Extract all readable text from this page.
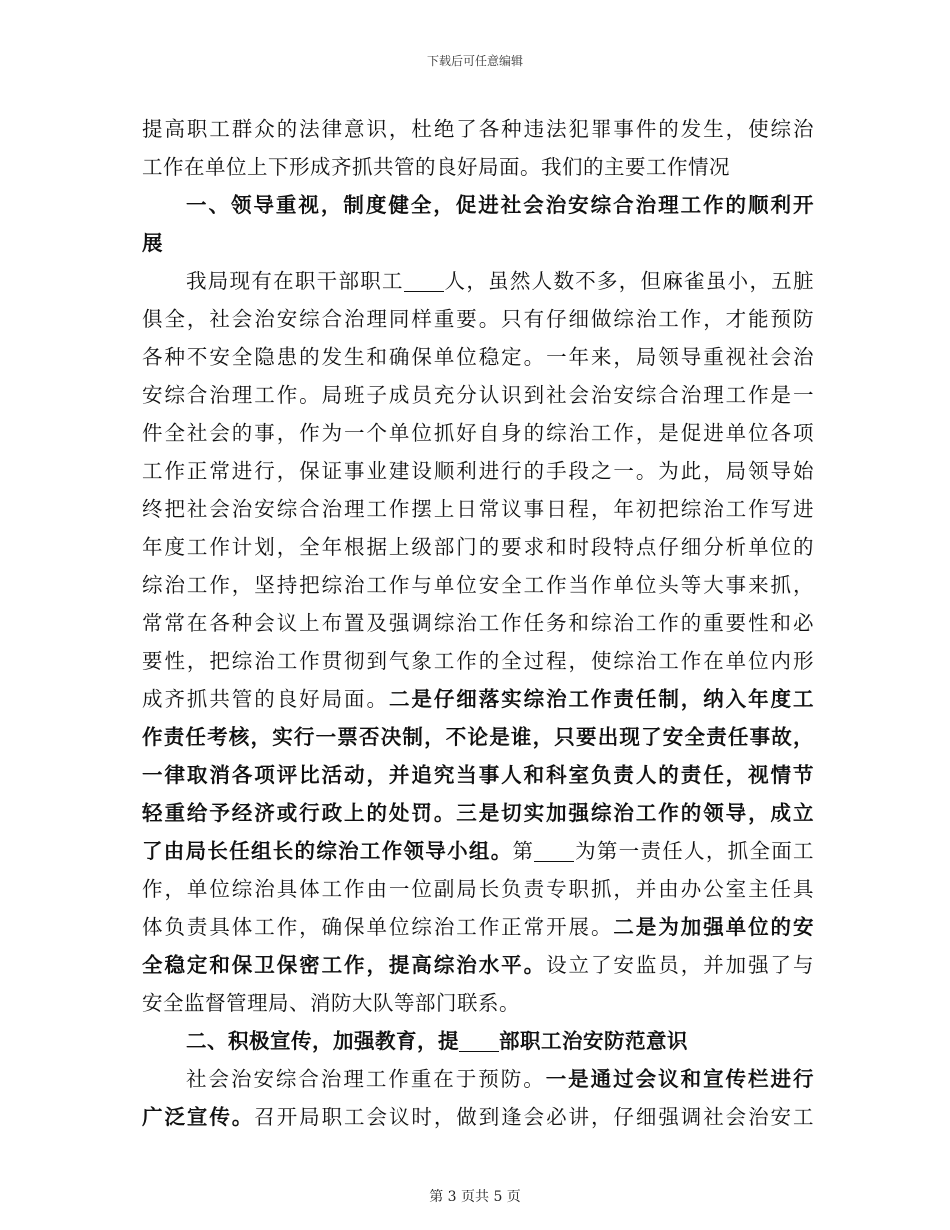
下载后可任意编辑
提高职工群众的法律意识，杜绝了各种违法犯罪事件的发生，使综治
工作在单位上下形成齐抓共管的良好局面。我们的主要工作情况
一、领导重视，制度健全，促进社会治安综合治理工作的顺利开
展
我局现有在职干部职工 人，虽然人数不多，但麻雀虽小，五脏
俱全，社会治安综合治理同样重要。只有仔细做综治工作，才能预防
各种不安全隐患的发生和确保单位稳定。一年来，局领导重视社会治
安综合治理工作。局班子成员充分认识到社会治安综合治理工作是一
件全社会的事，作为一个单位抓好自身的综治工作，是促进单位各项
工作正常进行，保证事业建设顺利进行的手段之一。为此，局领导始
终把社会治安综合治理工作摆上日常议事日程，年初把综治工作写进
年度工作计划，全年根据上级部门的要求和时段特点仔细分析单位的
综治工作，坚持把综治工作与单位安全工作当作单位头等大事来抓，
常常在各种会议上布置及强调综治工作任务和综治工作的重要性和必
要性，把综治工作贯彻到气象工作的全过程，使综治工作在单位内形
成齐抓共管的良好局面。二是仔细落实综治工作责任制，纳入年度工
作责任考核，实行一票否决制，不论是谁，只要出现了安全责任事故，
一律取消各项评比活动，并追究当事人和科室负责人的责任，视情节
轻重给予经济或行政上的处罚。三是切实加强综治工作的领导，成立
了由局长任组长的综治工作领导小组。第 为第一责任人，抓全面工
作，单位综治具体工作由一位副局长负责专职抓，并由办公室主任具
体负责具体工作，确保单位综治工作正常开展。二是为加强单位的安
全稳定和保卫保密工作，提高综治水平。设立了安监员，并加强了与
安全监督管理局、消防大队等部门联系。
二、积极宣传，加强教育，提 部职工治安防范意识
社会治安综合治理工作重在于预防。一是通过会议和宣传栏进行
广泛宣传。召开局职工会议时，做到逢会必讲，仔细强调社会治安工
第 3 页共 5 页
